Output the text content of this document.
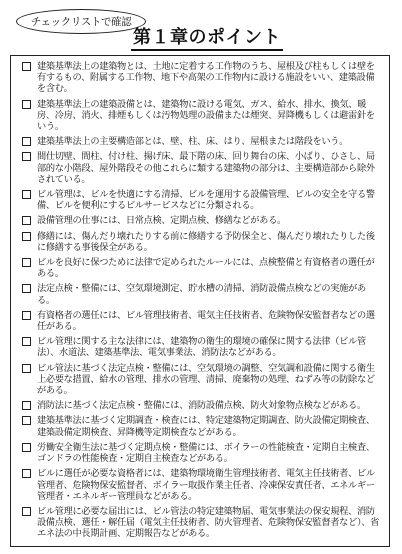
チェックリストで確認
第１章のポイント
建築基準法上の建築物とは、土地に定着する工作物のうち、屋根及び柱もしくは壁を有するもの、附属する工作物、地下や高架の工作物内に設ける施設をいい、建築設備を含む。
建築基準法上の建築設備とは、建築物に設ける電気、ガス、給水、排水、換気、暖房、冷房、消火、排煙もしくは汚物処理の設備または煙突、昇降機もしくは避雷針をいう。
建築基準法上の主要構造部とは、壁、柱、床、はり、屋根または階段をいう。
間仕切壁、間柱、付け柱、揚げ床、最下階の床、回り舞台の床、小ばり、ひさし、局部的な小階段、屋外階段その他これらに類する建築物の部分は、主要構造部から除外されている。
ビル管理は、ビルを快適にする清掃、ビルを運用する設備管理、ビルの安全を守る警備、ビルを便利にするビルサービスなどに分類される。
設備管理の仕事には、日常点検、定期点検、修繕などがある。
修繕には、傷んだり壊れたりする前に修繕する予防保全と、傷んだり壊れたりした後に修繕する事後保全がある。
ビルを良好に保つために法律で定められたルールには、点検整備と有資格者の選任がある。
法定点検・整備には、空気環境測定、貯水槽の清掃、消防設備点検などの実施がある。
有資格者の選任には、ビル管理技術者、電気主任技術者、危険物保安監督者などの選任がある。
ビル管理に関する主な法律には、建築物の衛生的環境の確保に関する法律（ビル管法）、水道法、建築基準法、電気事業法、消防法などがある。
ビル管法に基づく法定点検・整備には、空気環境の調整、空気調和設備に関する衛生上必要な措置、給水の管理、排水の管理、清掃、廃棄物の処理、ねずみ等の防除などがある。
消防法に基づく法定点検・整備には、消防設備点検、防火対象物点検などがある。
建築基準法に基づく定期調査・検査には、特定建築物定期調査、防火設備定期検査、建築設備定期検査、昇降機等定期検査などがある。
労働安全衛生法に基づく定期点検・整備には、ボイラーの性能検査・定期自主検査、ゴンドラの性能検査・定期自主検査などがある。
ビルに選任が必要な資格者には、建築物環境衛生管理技術者、電気主任技術者、ビル管理者、危険物保安監督者、ボイラー取扱作業主任者、冷凍保安責任者、エネルギー管理者・エネルギー管理員などがある。
ビル管理に必要な届出には、ビル管法の特定建築物届、電気事業法の保安規程、消防設備点検、選任・解任届（電気主任技術者、防火管理者、危険物保安監督者など）、省エネ法の中長期計画、定期報告などがある。
